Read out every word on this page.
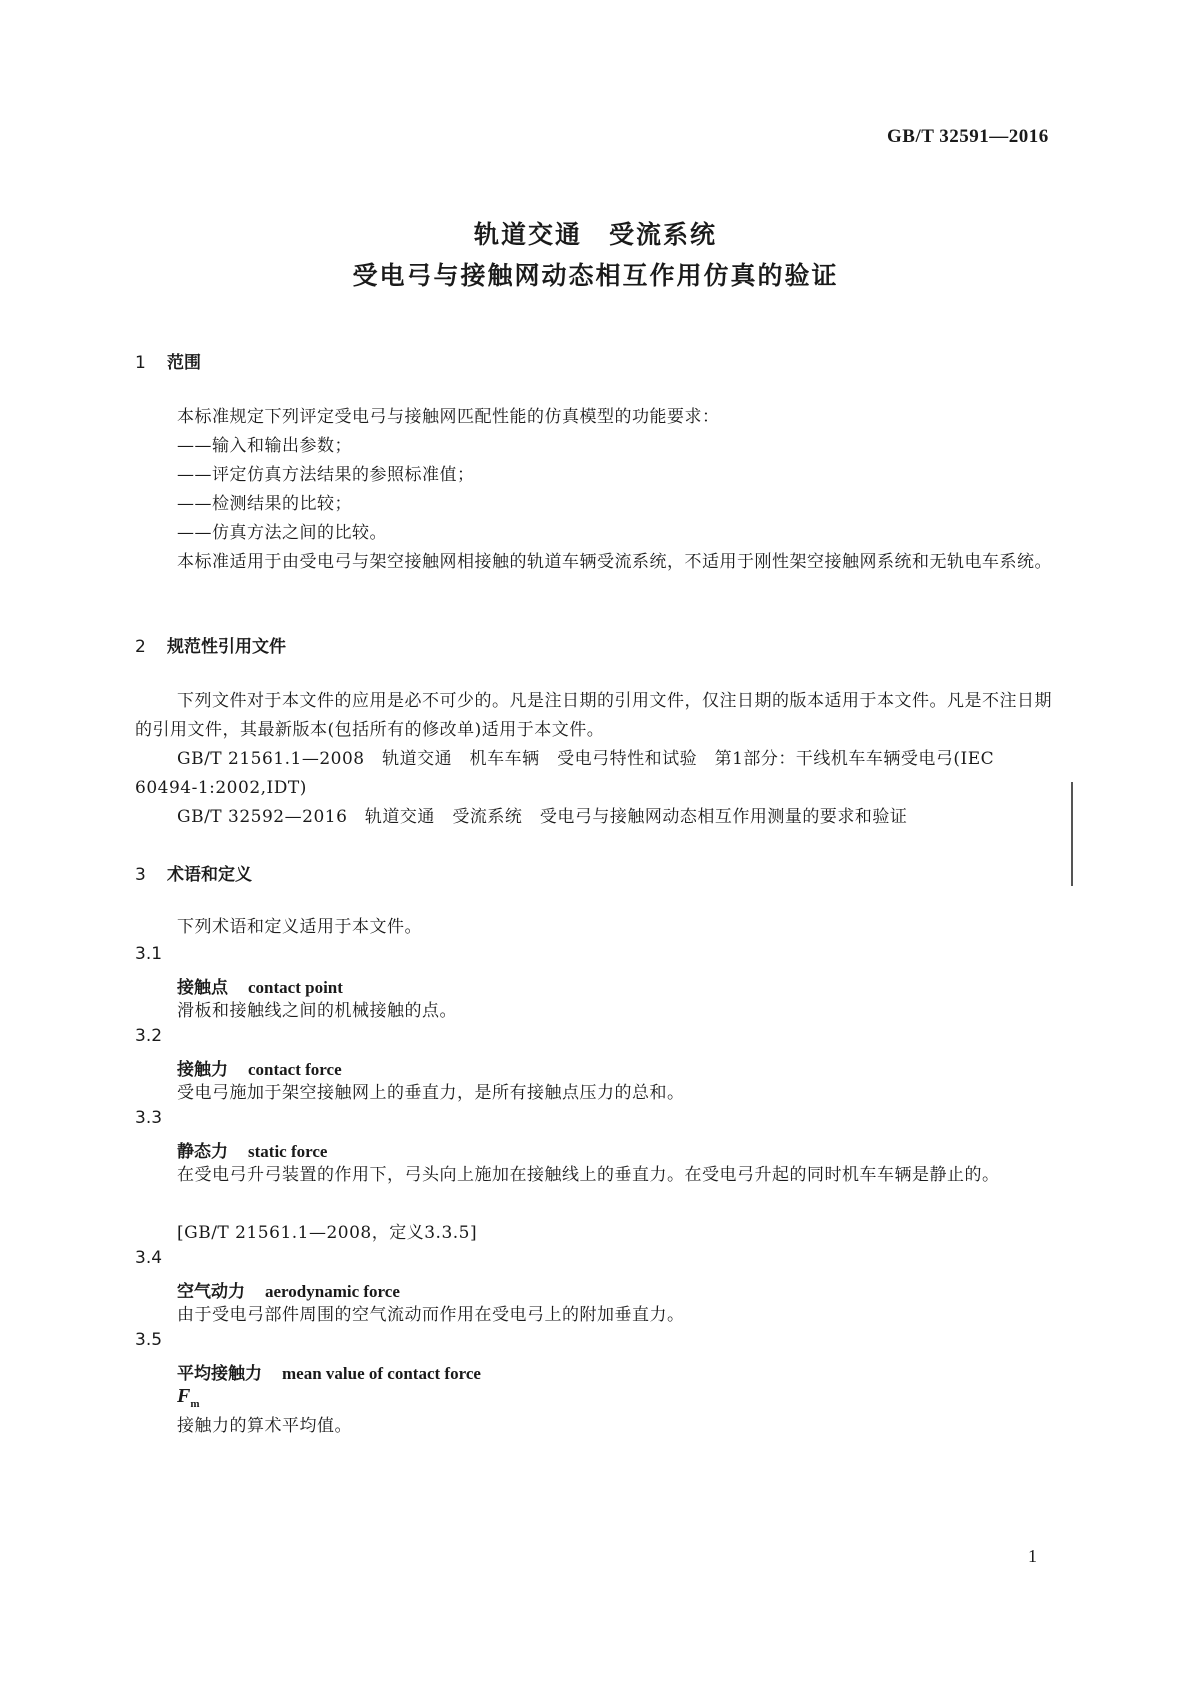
GB/T 32591—2016
轨道交通　受流系统
受电弓与接触网动态相互作用仿真的验证
1 范围
本标准规定下列评定受电弓与接触网匹配性能的仿真模型的功能要求：
——输入和输出参数；
——评定仿真方法结果的参照标准值；
——检测结果的比较；
——仿真方法之间的比较。
本标准适用于由受电弓与架空接触网相接触的轨道车辆受流系统，不适用于刚性架空接触网系统和无轨电车系统。
2 规范性引用文件
下列文件对于本文件的应用是必不可少的。凡是注日期的引用文件，仅注日期的版本适用于本文件。凡是不注日期的引用文件，其最新版本(包括所有的修改单)适用于本文件。
GB/T 21561.1—2008　轨道交通　机车车辆　受电弓特性和试验　第1部分：干线机车车辆受电弓(IEC 60494-1:2002,IDT)
GB/T 32592—2016　轨道交通　受流系统　受电弓与接触网动态相互作用测量的要求和验证
3 术语和定义
下列术语和定义适用于本文件。
3.1
接触点 contact point
滑板和接触线之间的机械接触的点。
3.2
接触力 contact force
受电弓施加于架空接触网上的垂直力，是所有接触点压力的总和。
3.3
静态力 static force
在受电弓升弓装置的作用下，弓头向上施加在接触线上的垂直力。在受电弓升起的同时机车车辆是静止的。
[GB/T 21561.1—2008，定义3.3.5]
3.4
空气动力 aerodynamic force
由于受电弓部件周围的空气流动而作用在受电弓上的附加垂直力。
3.5
平均接触力 mean value of contact force
$F_m$
接触力的算术平均值。
1
